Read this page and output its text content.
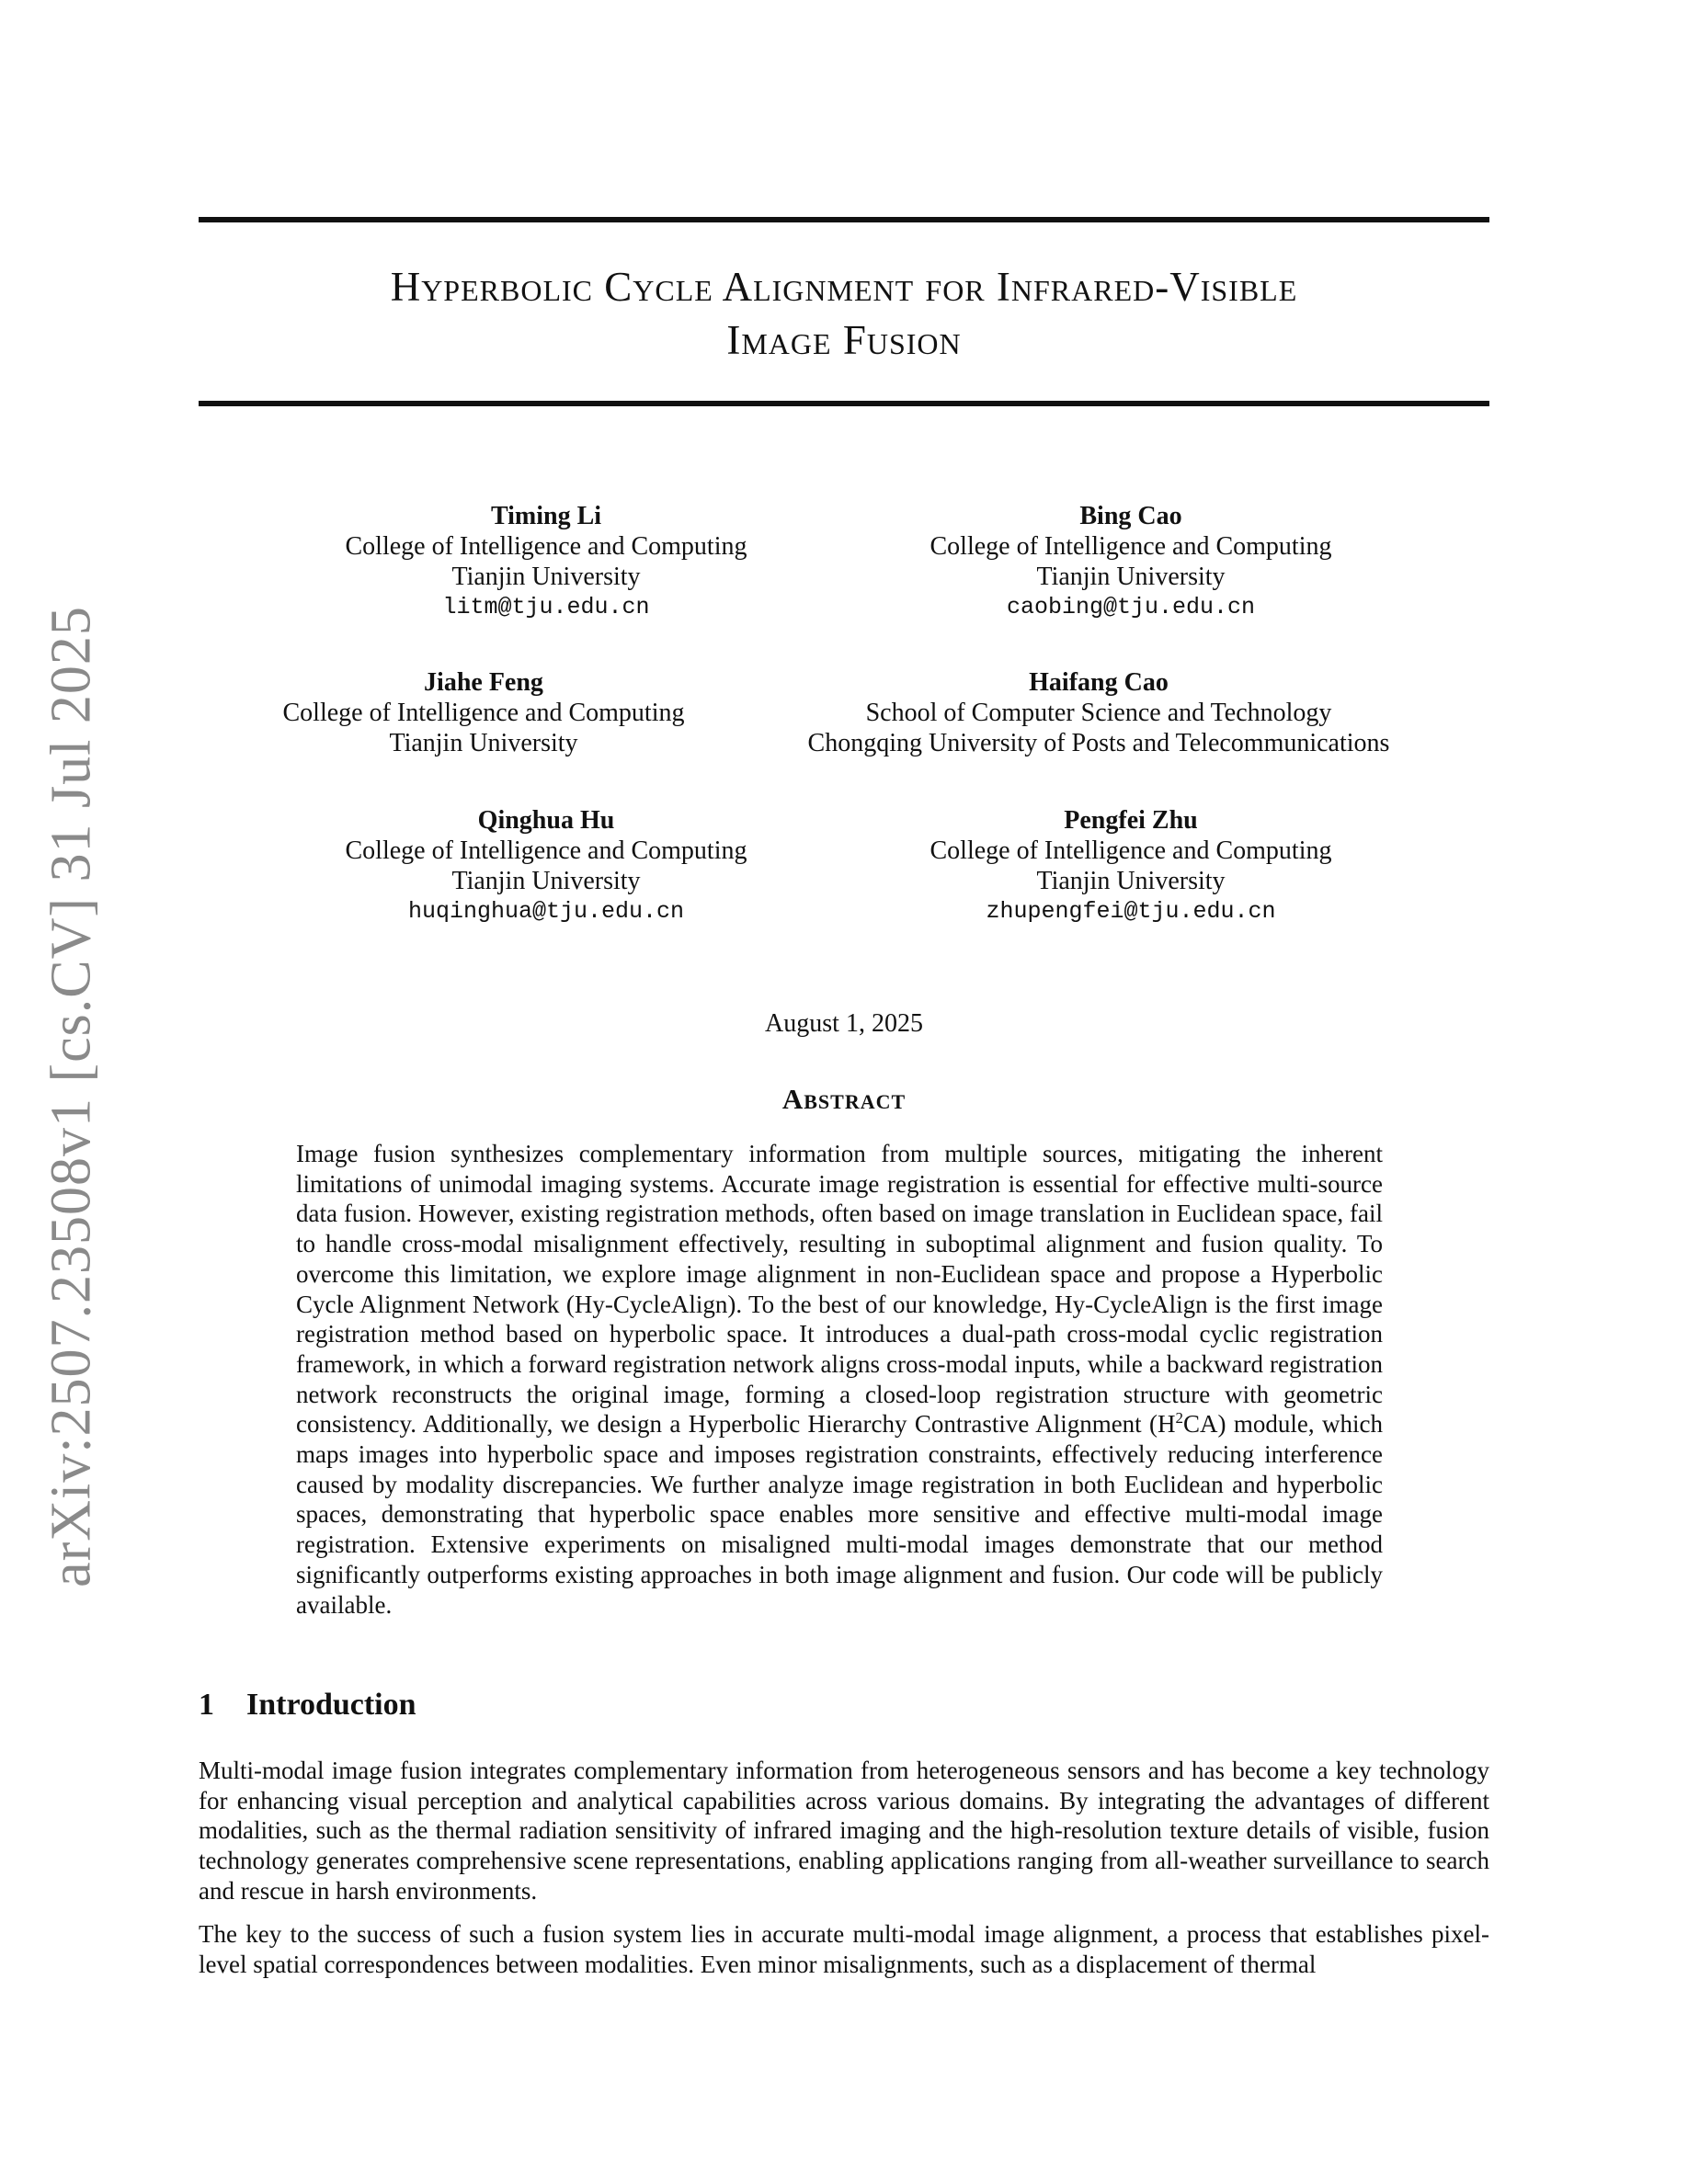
arXiv:2507.23508v1 [cs.CV] 31 Jul 2025
Hyperbolic Cycle Alignment for Infrared-Visible
Image Fusion
Timing Li
College of Intelligence and Computing
Tianjin University
litm@tju.edu.cn
Bing Cao
College of Intelligence and Computing
Tianjin University
caobing@tju.edu.cn
Jiahe Feng
College of Intelligence and Computing
Tianjin University
Haifang Cao
School of Computer Science and Technology
Chongqing University of Posts and Telecommunications
Qinghua Hu
College of Intelligence and Computing
Tianjin University
huqinghua@tju.edu.cn
Pengfei Zhu
College of Intelligence and Computing
Tianjin University
zhupengfei@tju.edu.cn
August 1, 2025
Abstract
Image fusion synthesizes complementary information from multiple sources, mitigating the inherent limitations of unimodal imaging systems. Accurate image registration is essential for effective multi-source data fusion. However, existing registration methods, often based on image translation in Euclidean space, fail to handle cross-modal misalignment effectively, resulting in suboptimal alignment and fusion quality. To overcome this limitation, we explore image alignment in non-Euclidean space and propose a Hyperbolic Cycle Alignment Network (Hy-CycleAlign). To the best of our knowledge, Hy-CycleAlign is the first image registration method based on hyperbolic space. It introduces a dual-path cross-modal cyclic registration framework, in which a forward registration network aligns cross-modal inputs, while a backward registration network reconstructs the original image, forming a closed-loop registration structure with geometric consistency. Additionally, we design a Hyperbolic Hierarchy Contrastive Alignment $(H^2CA)$ module, which maps images into hyperbolic space and imposes registration constraints, effectively reducing interference caused by modality discrepancies. We further analyze image registration in both Euclidean and hyperbolic spaces, demonstrating that hyperbolic space enables more sensitive and effective multi-modal image registration. Extensive experiments on misaligned multi-modal images demonstrate that our method significantly outperforms existing approaches in both image alignment and fusion. Our code will be publicly available.
1 Introduction

Multi-modal image fusion integrates complementary information from heterogeneous sensors and has become a key technology for enhancing visual perception and analytical capabilities across various domains. By integrating the advantages of different modalities, such as the thermal radiation sensitivity of infrared imaging and the high-resolution texture details of visible, fusion technology generates comprehensive scene representations, enabling applications ranging from all-weather surveillance to search and rescue in harsh environments.

The key to the success of such a fusion system lies in accurate multi-modal image alignment, a process that establishes pixel-level spatial correspondences between modalities. Even minor misalignments, such as a displacement of thermal
